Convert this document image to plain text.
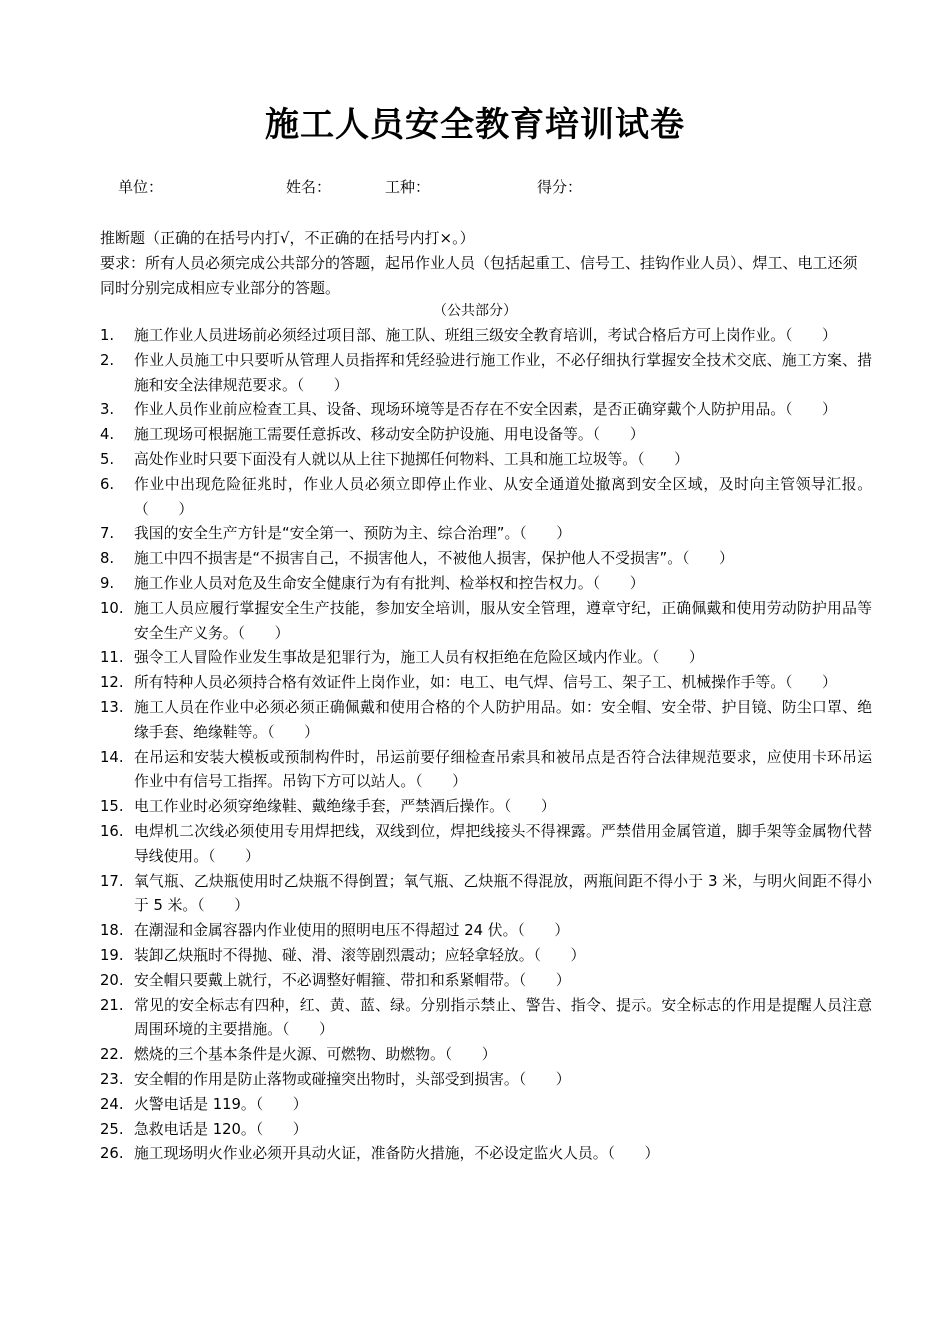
施工人员安全教育培训试卷
单位：	姓名：	工种：	得分：
推断题（正确的在括号内打√，不正确的在括号内打×。）
要求：所有人员必须完成公共部分的答题，起吊作业人员（包括起重工、信号工、挂钩作业人员）、焊工、电工还须同时分别完成相应专业部分的答题。
（公共部分）
1. 施工作业人员进场前必须经过项目部、施工队、班组三级安全教育培训，考试合格后方可上岗作业。（　　）
2. 作业人员施工中只要听从管理人员指挥和凭经验进行施工作业，不必仔细执行掌握安全技术交底、施工方案、措施和安全法律规范要求。（　　）
3. 作业人员作业前应检查工具、设备、现场环境等是否存在不安全因素，是否正确穿戴个人防护用品。（　　）
4. 施工现场可根据施工需要任意拆改、移动安全防护设施、用电设备等。（　　）
5. 高处作业时只要下面没有人就以从上往下抛掷任何物料、工具和施工垃圾等。（　　）
6. 作业中出现危险征兆时，作业人员必须立即停止作业、从安全通道处撤离到安全区域，及时向主管领导汇报。（　　）
7. 我国的安全生产方针是“安全第一、预防为主、综合治理”。（　　）
8. 施工中四不损害是“不损害自己，不损害他人，不被他人损害，保护他人不受损害”。（　　）
9. 施工作业人员对危及生命安全健康行为有有批判、检举权和控告权力。（　　）
10. 施工人员应履行掌握安全生产技能，参加安全培训，服从安全管理，遵章守纪，正确佩戴和使用劳动防护用品等安全生产义务。（　　）
11. 强令工人冒险作业发生事故是犯罪行为，施工人员有权拒绝在危险区域内作业。（　　）
12. 所有特种人员必须持合格有效证件上岗作业，如：电工、电气焊、信号工、架子工、机械操作手等。（　　）
13. 施工人员在作业中必须必须正确佩戴和使用合格的个人防护用品。如：安全帽、安全带、护目镜、防尘口罩、绝缘手套、绝缘鞋等。（　　）
14. 在吊运和安装大模板或预制构件时，吊运前要仔细检查吊索具和被吊点是否符合法律规范要求，应使用卡环吊运作业中有信号工指挥。吊钩下方可以站人。（　　）
15. 电工作业时必须穿绝缘鞋、戴绝缘手套，严禁酒后操作。（　　）
16. 电焊机二次线必须使用专用焊把线，双线到位，焊把线接头不得裸露。严禁借用金属管道，脚手架等金属物代替导线使用。（　　）
17. 氧气瓶、乙炔瓶使用时乙炔瓶不得倒置；氧气瓶、乙炔瓶不得混放，两瓶间距不得小于 3 米，与明火间距不得小于 5 米。（　　）
18. 在潮湿和金属容器内作业使用的照明电压不得超过 24 伏。（　　）
19. 装卸乙炔瓶时不得抛、碰、滑、滚等剧烈震动；应轻拿轻放。（　　）
20. 安全帽只要戴上就行，不必调整好帽箍、带扣和系紧帽带。（　　）
21. 常见的安全标志有四种，红、黄、蓝、绿。分别指示禁止、警告、指令、提示。安全标志的作用是提醒人员注意周围环境的主要措施。（　　）
22. 燃烧的三个基本条件是火源、可燃物、助燃物。（　　）
23. 安全帽的作用是防止落物或碰撞突出物时，头部受到损害。（　　）
24. 火警电话是 119。（　　）
25. 急救电话是 120。（　　）
26. 施工现场明火作业必须开具动火证，准备防火措施，不必设定监火人员。（　　）
